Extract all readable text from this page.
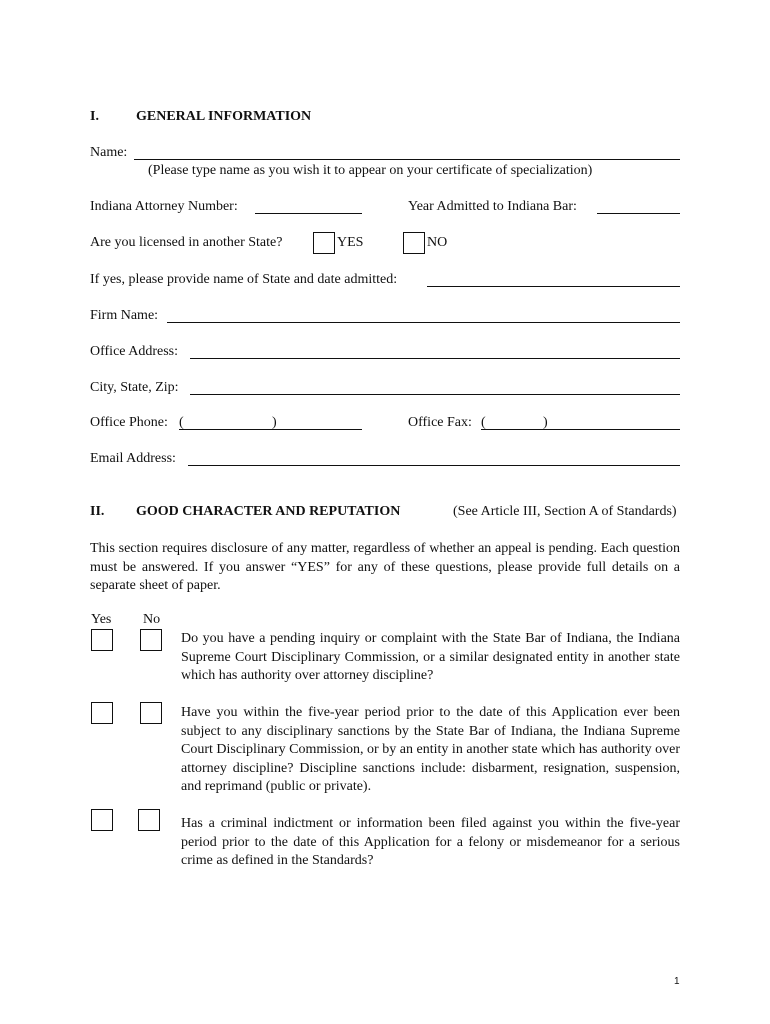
I.	GENERAL INFORMATION
Name:
(Please type name as you wish it to appear on your certificate of specialization)
Indiana Attorney Number:	Year Admitted to Indiana Bar:
Are you licensed in another State?	YES	NO
If yes, please provide name of State and date admitted:
Firm Name:
Office Address:
City, State, Zip:
Office Phone: (	)	Office Fax: (	)
Email Address:
II. GOOD CHARACTER AND REPUTATION	(See Article III, Section A of Standards)
This section requires disclosure of any matter, regardless of whether an appeal is pending. Each question must be answered. If you answer “YES” for any of these questions, please provide full details on a separate sheet of paper.
Yes No
Do you have a pending inquiry or complaint with the State Bar of Indiana, the Indiana Supreme Court Disciplinary Commission, or a similar designated entity in another state which has authority over attorney discipline?
Have you within the five-year period prior to the date of this Application ever been subject to any disciplinary sanctions by the State Bar of Indiana, the Indiana Supreme Court Disciplinary Commission, or by an entity in another state which has authority over attorney discipline? Discipline sanctions include: disbarment, resignation, suspension, and reprimand (public or private).
Has a criminal indictment or information been filed against you within the five-year period prior to the date of this Application for a felony or misdemeanor for a serious crime as defined in the Standards?
1
